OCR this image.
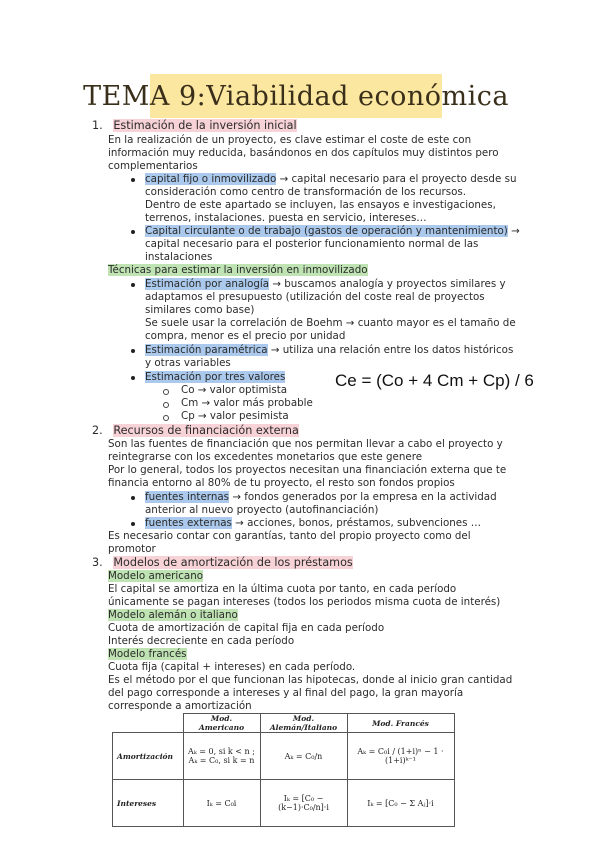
TEMA 9:Viabilidad económica
1. Estimación de la inversión inicial
En la realización de un proyecto, es clave estimar el coste de este con
información muy reducida, basándonos en dos capítulos muy distintos pero
complementarios
capital fijo o inmovilizado → capital necesario para el proyecto desde su
consideración como centro de transformación de los recursos.
Dentro de este apartado se incluyen, las ensayos e investigaciones,
terrenos, instalaciones. puesta en servicio, intereses…
Capital circulante o de trabajo (gastos de operación y mantenimiento) →
capital necesario para el posterior funcionamiento normal de las
instalaciones
Técnicas para estimar la inversión en inmovilizado
Estimación por analogía → buscamos analogía y proyectos similares y
adaptamos el presupuesto (utilización del coste real de proyectos
similares como base)
Se suele usar la correlación de Boehm → cuanto mayor es el tamaño de
compra, menor es el precio por unidad
Estimación paramétrica → utiliza una relación entre los datos históricos
y otras variables
Estimación por tres valores
Co → valor optimista
Cm → valor más probable
Cp → valor pesimista
2. Recursos de financiación externa
Son las fuentes de financiación que nos permitan llevar a cabo el proyecto y
reintegrarse con los excedentes monetarios que este genere
Por lo general, todos los proyectos necesitan una financiación externa que te
financia entorno al 80% de tu proyecto, el resto son fondos propios
fuentes internas → fondos generados por la empresa en la actividad
anterior al nuevo proyecto (autofinanciación)
fuentes externas → acciones, bonos, préstamos, subvenciones …
Es necesario contar con garantías, tanto del propio proyecto como del
promotor
3. Modelos de amortización de los préstamos
Modelo americano
El capital se amortiza en la última cuota por tanto, en cada período
únicamente se pagan intereses (todos los periodos misma cuota de interés)
Modelo alemán o italiano
Cuota de amortización de capital fija en cada período
Interés decreciente en cada período
Modelo francés
Cuota fija (capital + intereses) en cada período.
Es el método por el que funcionan las hipotecas, donde al inicio gran cantidad
del pago corresponde a intereses y al final del pago, la gran mayoría
corresponde a amortización
Ce = (Co + 4 Cm + Cp) / 6
	Mod. Americano	Mod. Alemán/Italiano	Mod. Francés
Amortización	Aₖ = 0, si k < n ; Aₖ = C₀, si k = n	Aₖ = C₀/n	Aₖ = C₀i / (1+i)ⁿ − 1 · (1+i)ᵏ⁻¹
Intereses	Iₖ = C₀i	Iₖ = [C₀ − (k−1)·C₀/n]·i	Iₖ = [C₀ − Σ Aⱼ]·i
